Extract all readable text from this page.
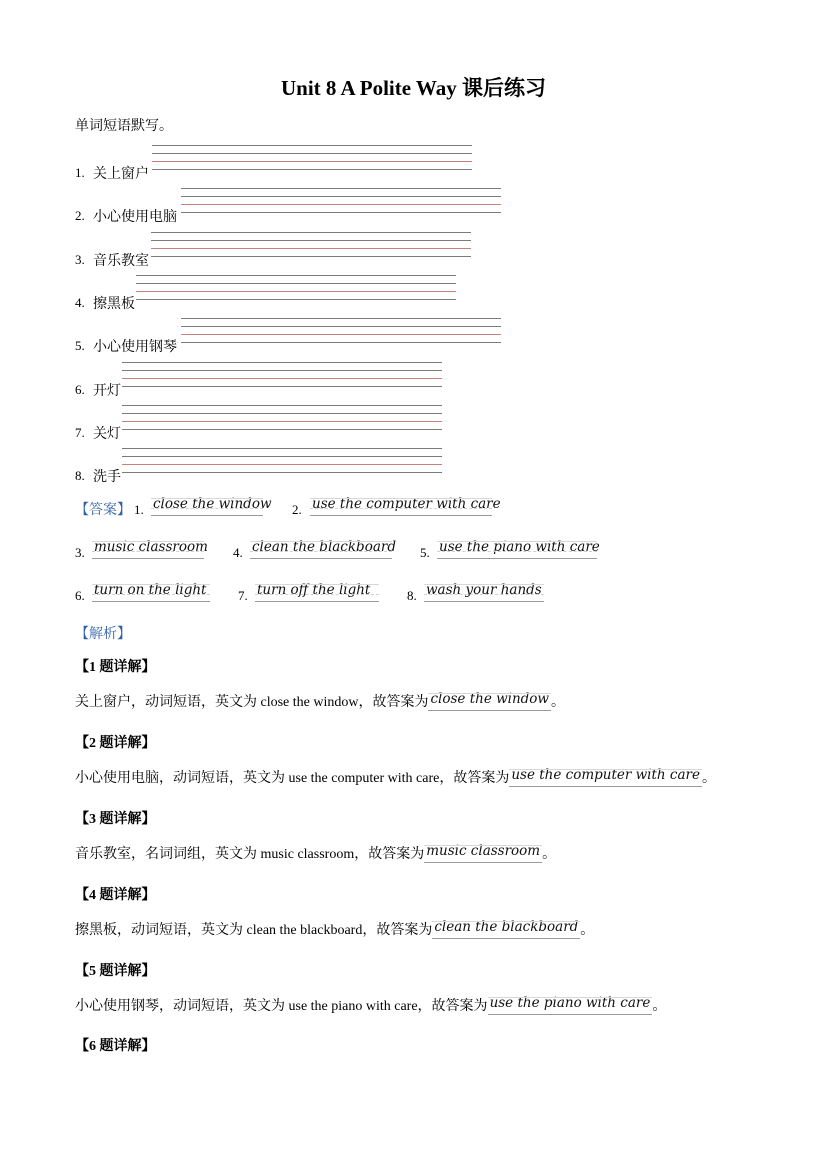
Unit 8 A Polite Way 课后练习
单词短语默写。
1. 关上窗户
2. 小心使用电脑
3. 音乐教室
4. 擦黑板
5. 小心使用钢琴
6. 开灯
7. 关灯
8. 洗手
【答案】 1. close the window 2. use the computer with care
3. music classroom 4. clean the blackboard 5. use the piano with care
6. turn on the light 7. turn off the light	8. wash your hands
【解析】
【1 题详解】
关上窗户，动词短语，英文为 close the window，故答案为 close the window 。
【2 题详解】
小心使用电脑，动词短语，英文为 use the computer with care，故答案为 use the computer with care 。
【3 题详解】
音乐教室，名词词组，英文为 music classroom，故答案为 music classroom 。
【4 题详解】
擦黑板，动词短语，英文为 clean the blackboard，故答案为 clean the blackboard 。
【5 题详解】
小心使用钢琴，动词短语，英文为 use the piano with care，故答案为 use the piano with care 。
【6 题详解】
